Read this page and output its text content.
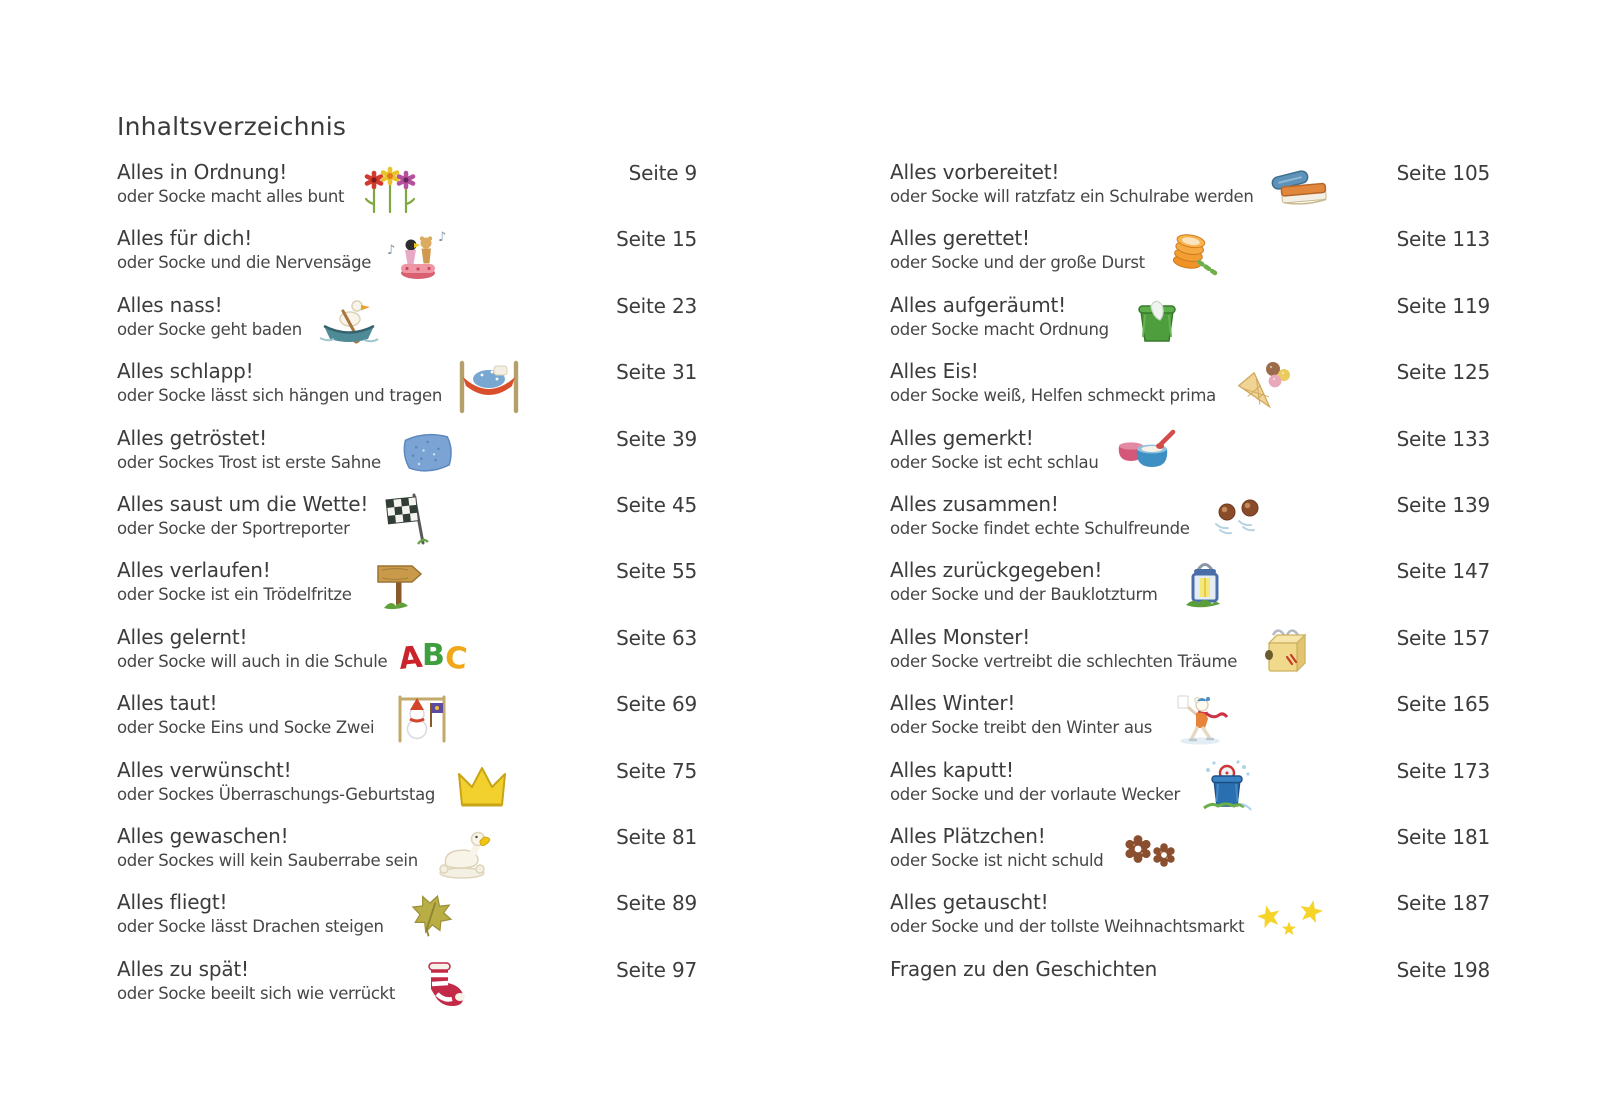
Inhaltsverzeichnis
Alles in Ordnung!
oder Socke macht alles bunt
Seite 9
Alles für dich!
oder Socke und die Nervensäge
♪
♪	Seite 15
Alles nass!
oder Socke geht baden
Seite 23
Alles schlapp!
oder Socke lässt sich hängen und tragen
Seite 31
Alles getröstet!
oder Sockes Trost ist erste Sahne
Seite 39
Alles saust um die Wette!
oder Socke der Sportreporter
Seite 45
Alles verlaufen!
oder Socke ist ein Trödelfritze
Seite 55
Alles gelernt!
oder Socke will auch in die Schule A
B
C
Seite 63
Alles taut!
oder Socke Eins und Socke Zwei
Seite 69
Alles verwünscht!
oder Sockes Überraschungs-Geburtstag
Seite 75
Alles gewaschen!
oder Sockes will kein Sauberrabe sein
Seite 81
Alles fliegt!
oder Socke lässt Drachen steigen
Seite 89
Alles zu spät!
oder Socke beeilt sich wie verrückt
Seite 97
Alles vorbereitet!
oder Socke will ratzfatz ein Schulrabe werden
Seite 105
Alles gerettet!
oder Socke und der große Durst
Seite 113
Alles aufgeräumt!
oder Socke macht Ordnung
Seite 119
Alles Eis!
oder Socke weiß, Helfen schmeckt prima
Seite 125
Alles gemerkt!
oder Socke ist echt schlau
Seite 133
Alles zusammen!
oder Socke findet echte Schulfreunde
Seite 139
Alles zurückgegeben!
oder Socke und der Bauklotzturm
Seite 147
Alles Monster!
oder Socke vertreibt die schlechten Träume
Seite 157
Alles Winter!
oder Socke treibt den Winter aus
Seite 165
Alles kaputt!
oder Socke und der vorlaute Wecker
Seite 173
Alles Plätzchen!
oder Socke ist nicht schuld
Seite 181
Alles getauscht!
oder Socke und der tollste Weihnachtsmarkt
Seite 187
Fragen zu den Geschichten	Seite 198
